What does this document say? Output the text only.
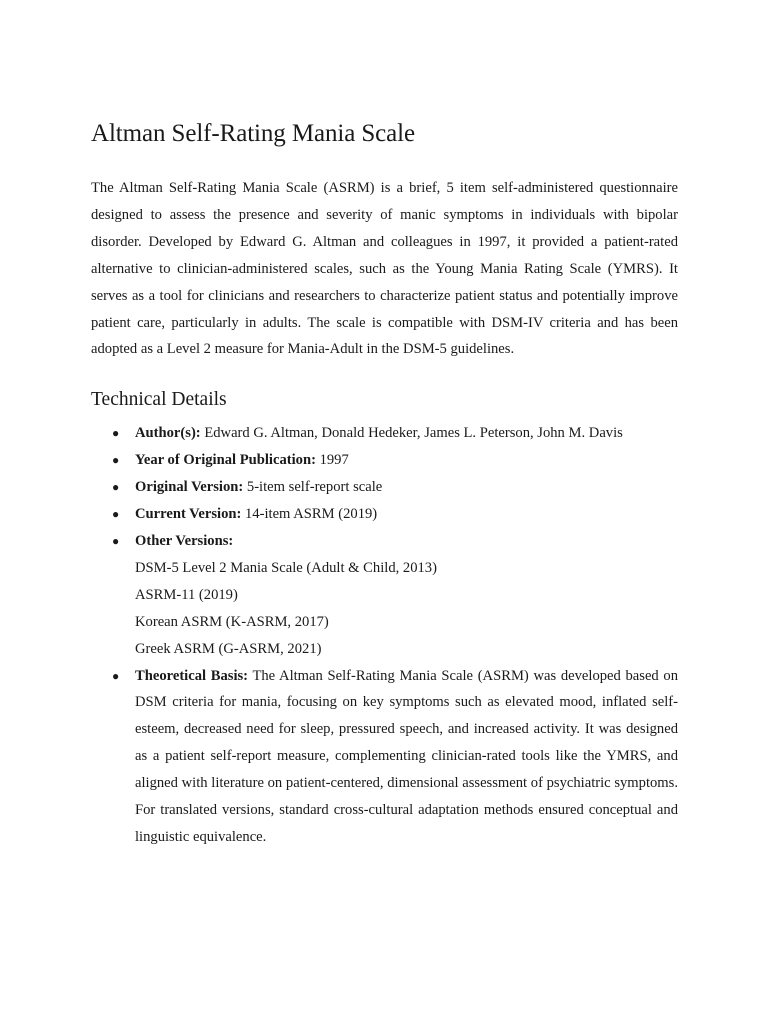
Altman Self-Rating Mania Scale

The Altman Self-Rating Mania Scale (ASRM) is a brief, 5 item self-administered questionnaire designed to assess the presence and severity of manic symptoms in individuals with bipolar disorder. Developed by Edward G. Altman and colleagues in 1997, it provided a patient-rated alternative to clinician-administered scales, such as the Young Mania Rating Scale (YMRS). It serves as a tool for clinicians and researchers to characterize patient status and potentially improve patient care, particularly in adults. The scale is compatible with DSM-IV criteria and has been adopted as a Level 2 measure for Mania-Adult in the DSM-5 guidelines.

Technical Details
● Author(s): Edward G. Altman, Donald Hedeker, James L. Peterson, John M. Davis
● Year of Original Publication: 1997
● Original Version: 5-item self-report scale
● Current Version: 14-item ASRM (2019)
● Other Versions:
DSM-5 Level 2 Mania Scale (Adult & Child, 2013)
ASRM-11 (2019)
Korean ASRM (K-ASRM, 2017)
Greek ASRM (G-ASRM, 2021)
● Theoretical Basis: The Altman Self-Rating Mania Scale (ASRM) was developed based on DSM criteria for mania, focusing on key symptoms such as elevated mood, inflated self-esteem, decreased need for sleep, pressured speech, and increased activity. It was designed as a patient self-report measure, complementing clinician-rated tools like the YMRS, and aligned with literature on patient-centered, dimensional assessment of psychiatric symptoms. For translated versions, standard cross-cultural adaptation methods ensured conceptual and linguistic equivalence.
